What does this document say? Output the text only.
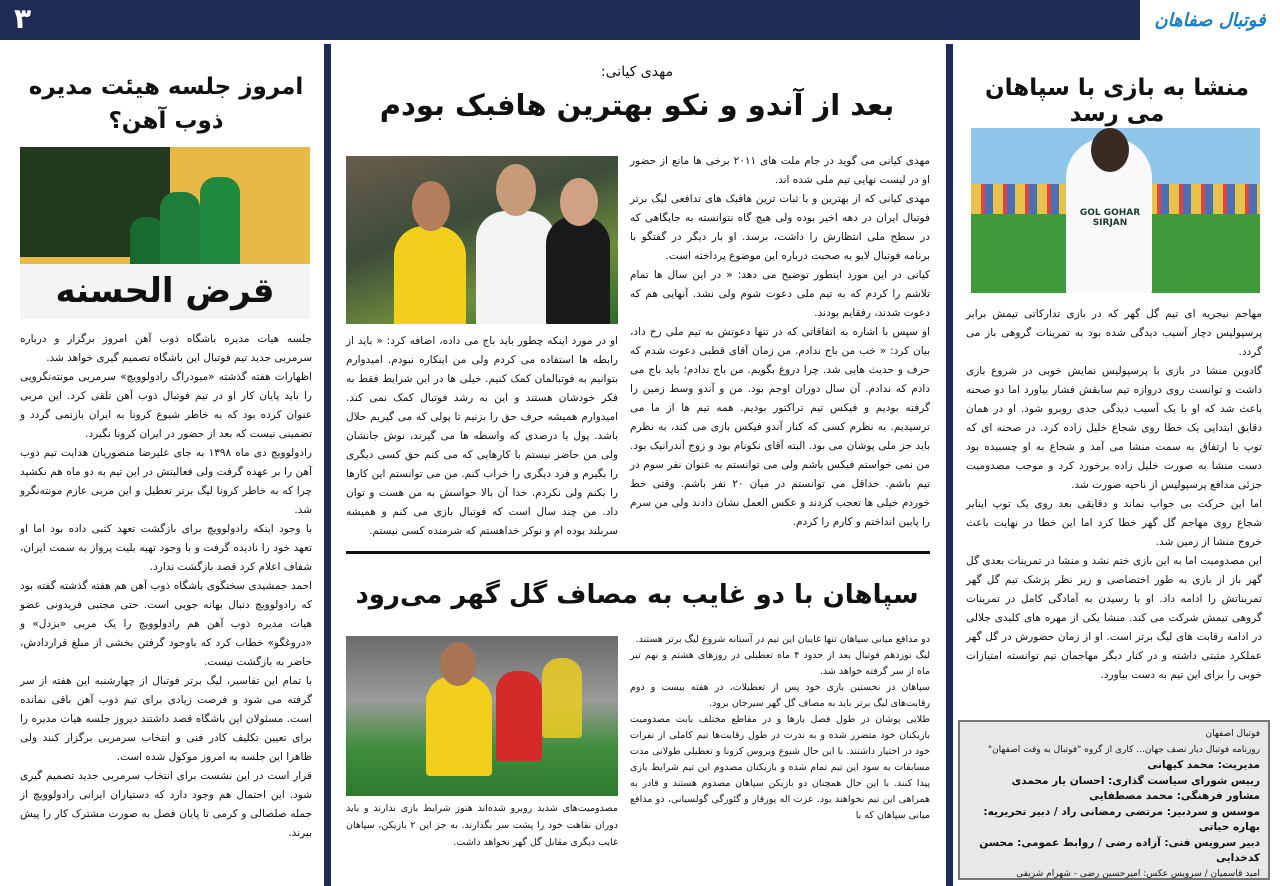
۳	فوتبال صفاهان
منشا به بازی با سپاهان می رسد
GOL GOHAR SIRJAN

مهاجم نیجریه ای تیم گل گهر که در بازی تدارکاتی تیمش برابر پرسپولیس دچار آسیب دیدگی شده بود به تمرینات گروهی باز می گردد.

گادوین منشا در بازی با پرسپولیس نمایش خوبی در شروع بازی داشت و توانست روی دروازه تیم سابقش فشار بیاورد اما دو صحنه باعث شد که او با یک آسیب دیدگی جدی روبرو شود. او در همان دقایق ابتدایی یک خطا روی شجاع خلیل زاده کرد. در صحنه ای که توپ با ارتفاق به سمت منشا می آمد و شجاع به او چسبیده بود دست منشا به صورت خلیل زاده برخورد کرد و موجب مصدومیت جزئی مدافع پرسپولیس از ناحیه صورت شد.

اما این حرکت بی جواب نماند و دقایقی بعد روی یک توپ اینایر شجاع روی مهاجم گل گهر خطا کرد اما این خطا در نهایت باعث خروج منشا از زمین شد.

این مصدومیت اما به این بازی ختم نشد و منشا در تمرینات بعدی گل گهر باز از بازی به طور اختصاصی و زیر نظر پزشک تیم گل گهر تمریناتش را ادامه داد. او با رسیدن به آمادگی کامل در تمرینات گروهی تیمش شرکت می کند. منشا یکی از مهره های کلیدی جلالی در ادامه رقابت های لیگ برتر است. او از زمان حضورش در گل گهر عملکرد مثبتی داشته و در کنار دیگر مهاجمان تیم توانسته امتیازات خوبی را برای این تیم به دست بیاورد.

فوتبال اصفهان
روزنامه فوتبال دیار نصف جهان... کاری از گروه "فوتبال به وقت اصفهان"
مدیریت: محمد کیهانی
رییس شورای سیاست گذاری: احسان یار محمدی
مشاور فرهنگی: محمد مصطفایی
موسس و سردبیر: مرتضی رمضانی راد / دبیر تحریریه: بهاره حیاتی
دبیر سرویس فنی: آزاده رضی / روابط عمومی: محسن کدخدایی
امید قاسمیان / سرویس عکس: امیرحسین رضی - شهرام شریفی
مهدی کیانی:
بعد از آندو و نکو بهترین هافبک بودم

مهدی کیانی می گوید در جام ملت های ۲۰۱۱ برخی ها مانع از حضور او در لیست نهایی تیم ملی شده اند.

مهدی کیانی که از بهترین و با ثبات ترین هافبک های تدافعی لیگ برتر فوتبال ایران در دهه اخیر بوده ولی هیچ گاه نتوانسته به جایگاهی که در سطح ملی انتظارش را داشت، برسد. او بار دیگر در گفتگو با برنامه فوتبال لایو به صحبت درباره این موضوع پرداخته است.

کیانی در این مورد اینطور توضیح می دهد: « در این سال ها تمام تلاشم را کردم که به تیم ملی دعوت شوم ولی نشد. آنهایی هم که دعوت شدند، رفقایم بودند.

او سپس با اشاره به اتفاقاتی که در تنها دعوتش به تیم ملی رخ داد، بیان کرد: « خب من باج ندادم. من زمان آقای قطبی دعوت شدم که حرف و حدیث هایی شد. چرا دروغ بگویم. من باج ندادم؛ باید باج می دادم که ندادم. آن سال دوران اوجم بود. من و آندو وسط زمین را گرفته بودیم و فیکس تیم تراکتور بودیم. همه تیم ها از ما می ترسیدیم. به نظرم کسی که کنار آندو فیکس بازی می کند، به نظرم باید جز ملی پوشان می بود. البته آقای نکونام بود و زوج آندرانیک بود. من نمی خواستم فیکس باشم ولی می توانستم به عنوان نفر سوم در تیم باشم. حداقل می توانستم در میان ۲۰ نفر باشم. وقتی خط خوردم خیلی ها تعجب کردند و عکس العمل نشان دادند ولی من سرم را پایین انداختم و کارم را کردم.

او در مورد اینکه چطور باید باج می داده، اضافه کرد: « باید از رابطه ها استفاده می کردم ولی من اینکاره نبودم. امیدوارم بتوانیم به فوتبالمان کمک کنیم. خیلی ها در این شرایط فقط به فکر خودشان هستند و این به رشد فوتبال کمک نمی کند. امیدوارم همیشه حرف حق را بزنیم تا پولی که می گیریم حلال باشد. پول یا درصدی که واسطه ها می گیرند، نوش جانشان ولی من حاضر نیستم با کارهایی که می کنم حق کسی دیگری را بگیرم و فرد دیگری را خراب کنم. من می توانستم این کارها را بکنم ولی نکردم. خدا آن بالا حواسش به من هست و توان داد. من چند سال است که فوتبال بازی می کنم و همیشه سربلند بوده ام و نوکر خداهستم که شرمنده کسی نیستم.

سپاهان با دو غایب به مصاف گل گهر می‌رود

دو مدافع میانی سپاهان تنها غایبان این تیم در آستانه شروع لیگ برتر هستند.

لیگ نوزدهم فوتبال بعد از حدود ۴ ماه تعطیلی در روزهای هشتم و نهم تیر ماه از سر گرفته خواهد شد.

سپاهان در نخستین بازی خود پس از تعطیلات، در هفته بیست و دوم رقابت‌های لیگ برتر باید به مصاف گل گهر سیرجان برود.

طلایی پوشان در طول فصل بارها و در مقاطع مختلف بابت مصدومیت بازیکنان خود متضرر شده و به ندرت در طول رقابت‌ها تیم کاملی از نفرات خود در اختیار داشتند. با این حال شیوع ویروس کرونا و تعطیلی طولانی مدت مسابقات به سود این تیم تمام شده و بازیکنان مصدوم این تیم شرایط بازی پیدا کنند. با این حال همچنان دو بازیکن سپاهان مصدوم هستند و قادر به همراهی این تیم نخواهند بود. عزت اله پورقاز و گئورگی گولسیانی، دو مدافع میانی سپاهان که با

مصدومیت‌های شدید روبرو شده‌اند هنوز شرایط بازی ندارند و باید دوران نقاهت خود را پشت سر بگذارند. به جز این ۲ بازیکن، سپاهان غایب دیگری مقابل گل گهر نخواهد داشت.

امروز جلسه هیئت مدیره ذوب آهن؟
قرض الحسنه

جلسه هیات مدیره باشگاه ذوب آهن امروز برگزار و درباره سرمربی جدید تیم فوتبال این باشگاه تصمیم گیری خواهد شد.

اظهارات هفته گذشته «میودراگ رادولوویچ» سرمربی مونته‌نگرویی را باید پایان کار او در تیم فوتبال ذوب آهن تلقی کرد. این مربی عنوان کرده بود که به خاطر شیوع کرونا به ایران بازنمی گردد و تضمینی نیست که بعد از حضور در ایران کرونا نگیرد.

رادولوویچ دی ماه ۱۳۹۸ به جای علیرضا منصوریان هدایت تیم ذوب آهن را بر عهده گرفت ولی فعالیتش در این تیم به دو ماه هم نکشید چرا که به خاطر کرونا لیگ برتر تعطیل و این مربی عازم مونته‌نگرو شد.

با وجود اینکه رادولوویچ برای بازگشت تعهد کتبی داده بود اما او تعهد خود را نادیده گرفت و با وجود تهیه بلیت پرواز به سمت ایران، شفاف اعلام کرد قصد بازگشت ندارد.

احمد جمشیدی سخنگوی باشگاه ذوب آهن هم هفته گذشته گفته بود که رادولوویچ دنبال بهانه جویی است. حتی مجتبی فریدونی عضو هیات مدیره ذوب آهن هم رادولوویچ را یک مربی «بزدل» و «دروغگو» خطاب کرد که باوجود گرفتن بخشی از مبلغ قراردادش، حاضر به بازگشت نیست.

با تمام این تفاسیر، لیگ برتر فوتبال از چهارشنبه این هفته از سر گرفته می شود و فرصت زیادی برای تیم ذوب آهن باقی نمانده است. مسئولان این باشگاه قصد داشتند دیروز جلسه هیات مدیره را برای تعیین تکلیف کادر فنی و انتخاب سرمربی برگزار کنند ولی ظاهرا این جلسه به امروز موکول شده است.

قرار است در این نشست برای انتخاب سرمربی جدید تصمیم گیری شود. این احتمال هم وجود دارد که دستیاران ایرانی رادولوویچ از جمله صلصالی و کرمی تا پایان فصل به صورت مشترک کار را پیش ببرند.
